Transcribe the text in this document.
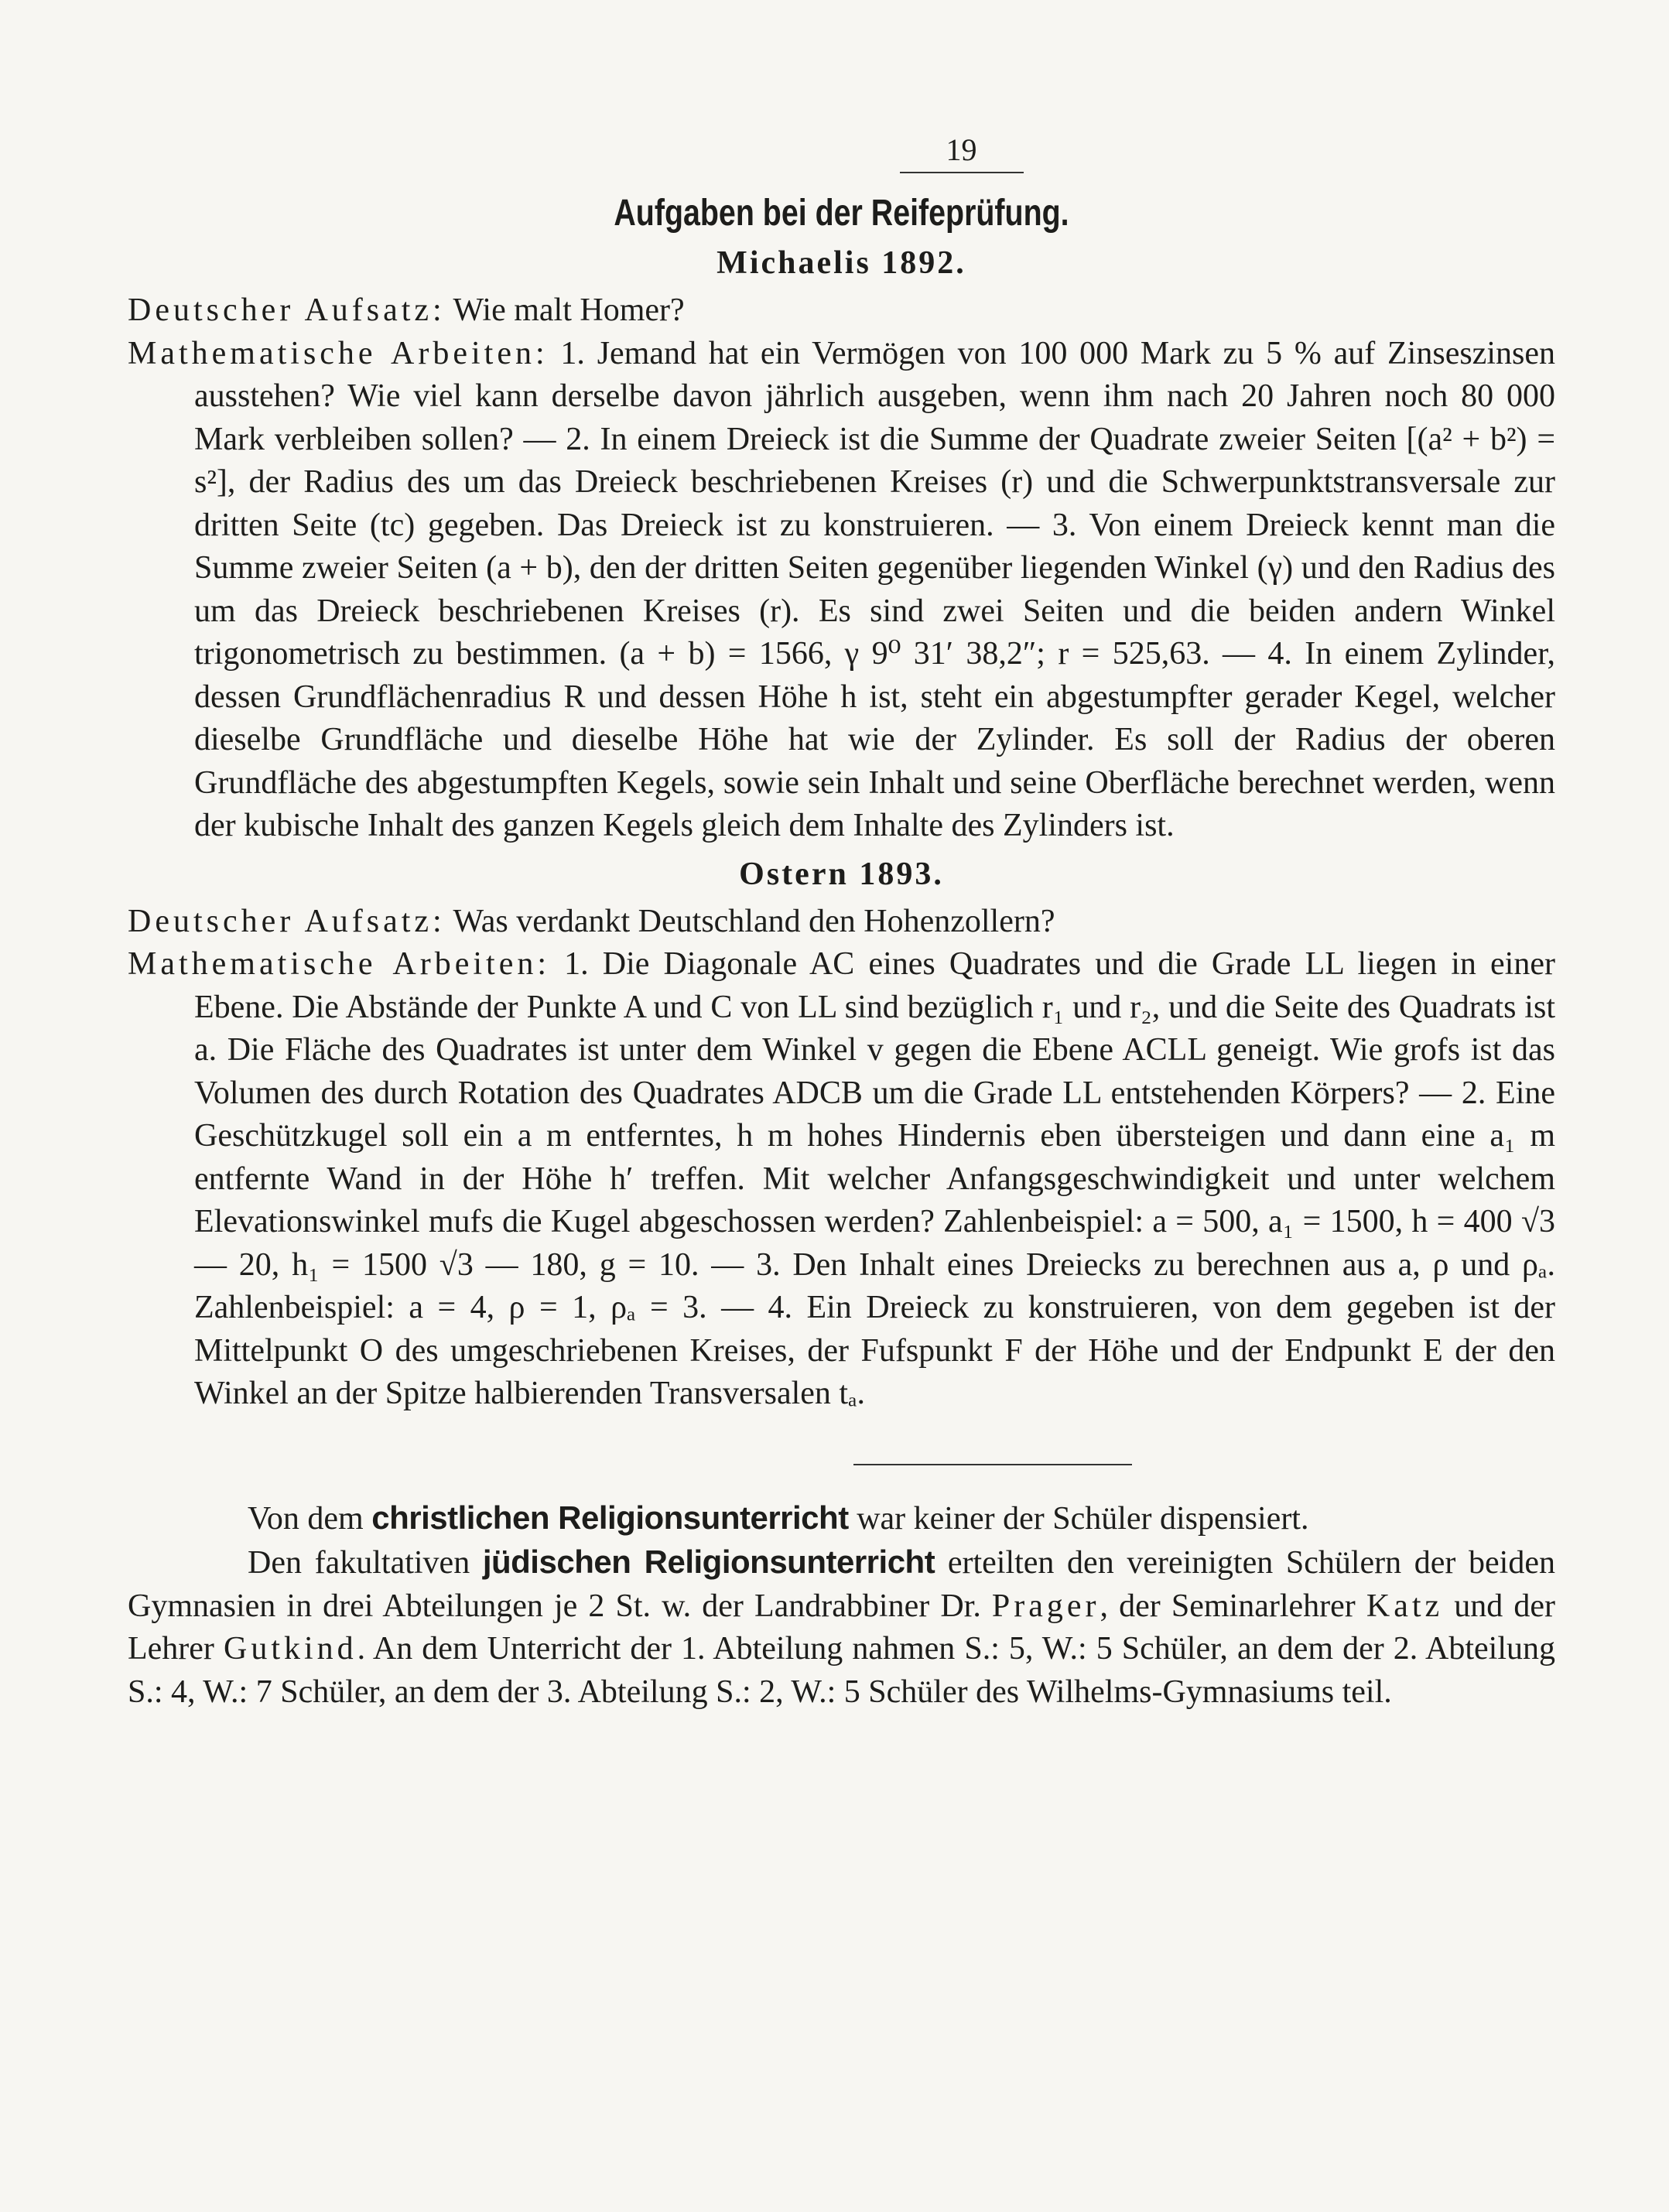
19
Aufgaben bei der Reifeprüfung.
Michaelis 1892.
Deutscher Aufsatz: Wie malt Homer?
Mathematische Arbeiten: 1. Jemand hat ein Vermögen von 100 000 Mark zu 5 % auf Zinseszinsen ausstehen? Wie viel kann derselbe davon jährlich ausgeben, wenn ihm nach 20 Jahren noch 80 000 Mark verbleiben sollen? — 2. In einem Dreieck ist die Summe der Quadrate zweier Seiten [(a² + b²) = s²], der Radius des um das Dreieck beschriebenen Kreises (r) und die Schwerpunktstransversale zur dritten Seite (tc) gegeben. Das Dreieck ist zu konstruieren. — 3. Von einem Dreieck kennt man die Summe zweier Seiten (a + b), den der dritten Seiten gegenüber liegenden Winkel (γ) und den Radius des um das Dreieck beschriebenen Kreises (r). Es sind zwei Seiten und die beiden andern Winkel trigonometrisch zu bestimmen. (a + b) = 1566, γ 9⁰ 31′ 38,2″; r = 525,63. — 4. In einem Zylinder, dessen Grundflächenradius R und dessen Höhe h ist, steht ein abgestumpfter gerader Kegel, welcher dieselbe Grundfläche und dieselbe Höhe hat wie der Zylinder. Es soll der Radius der oberen Grundfläche des abgestumpften Kegels, sowie sein Inhalt und seine Oberfläche berechnet werden, wenn der kubische Inhalt des ganzen Kegels gleich dem Inhalte des Zylinders ist.
Ostern 1893.
Deutscher Aufsatz: Was verdankt Deutschland den Hohenzollern?
Mathematische Arbeiten: 1. Die Diagonale AC eines Quadrates und die Grade LL liegen in einer Ebene. Die Abstände der Punkte A und C von LL sind bezüglich r₁ und r₂, und die Seite des Quadrats ist a. Die Fläche des Quadrates ist unter dem Winkel v gegen die Ebene ACLL geneigt. Wie grofs ist das Volumen des durch Rotation des Quadrates ADCB um die Grade LL entstehenden Körpers? — 2. Eine Geschützkugel soll ein a m entferntes, h m hohes Hindernis eben übersteigen und dann eine a₁ m entfernte Wand in der Höhe h′ treffen. Mit welcher Anfangsgeschwindigkeit und unter welchem Elevationswinkel mufs die Kugel abgeschossen werden? Zahlenbeispiel: a = 500, a₁ = 1500, h = 400 √3 — 20, h₁ = 1500 √3 — 180, g = 10. — 3. Den Inhalt eines Dreiecks zu berechnen aus a, ρ und ρₐ. Zahlenbeispiel: a = 4, ρ = 1, ρₐ = 3. — 4. Ein Dreieck zu konstruieren, von dem gegeben ist der Mittelpunkt O des umgeschriebenen Kreises, der Fufspunkt F der Höhe und der Endpunkt E der den Winkel an der Spitze halbierenden Transversalen tₐ.
Von dem christlichen Religionsunterricht war keiner der Schüler dispensiert.
Den fakultativen jüdischen Religionsunterricht erteilten den vereinigten Schülern der beiden Gymnasien in drei Abteilungen je 2 St. w. der Landrabbiner Dr. Prager, der Seminarlehrer Katz und der Lehrer Gutkind. An dem Unterricht der 1. Abteilung nahmen S.: 5, W.: 5 Schüler, an dem der 2. Abteilung S.: 4, W.: 7 Schüler, an dem der 3. Abteilung S.: 2, W.: 5 Schüler des Wilhelms-Gymnasiums teil.
